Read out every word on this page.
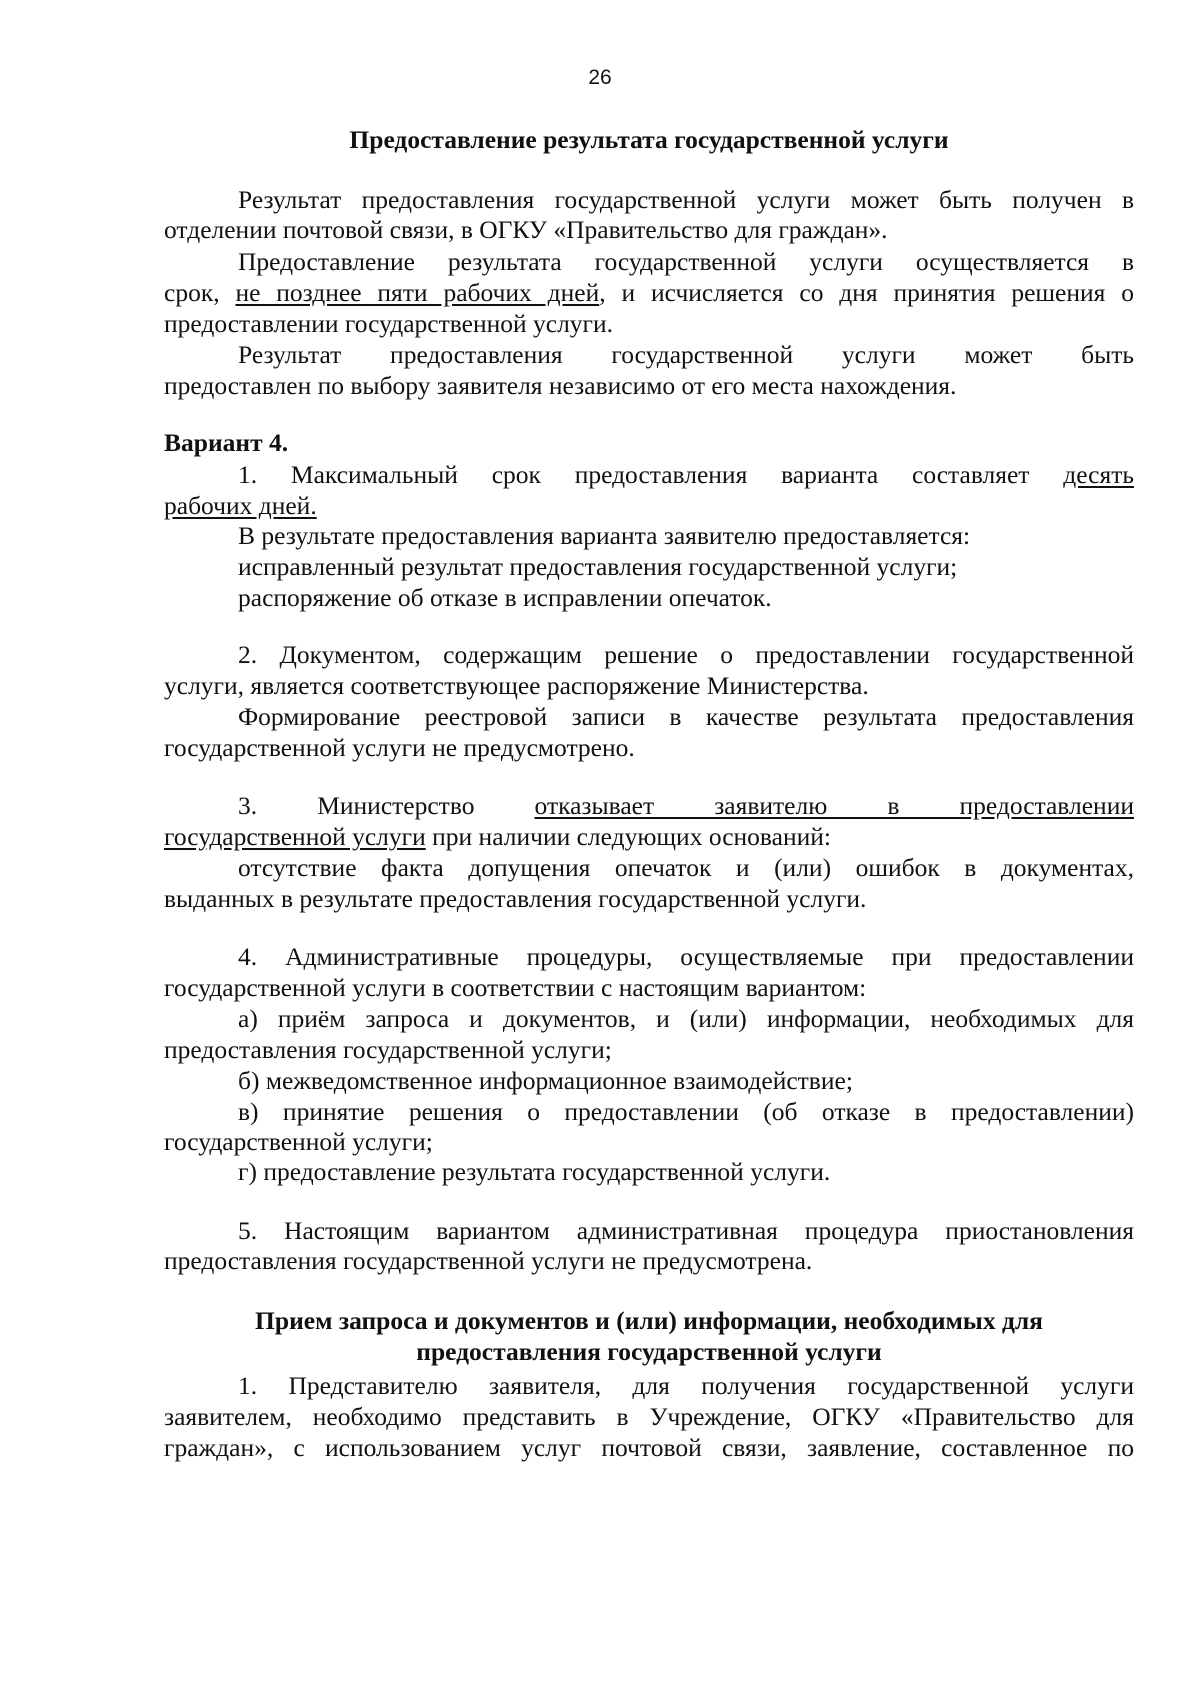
26
Предоставление результата государственной услуги
Результат предоставления государственной услуги может быть получен в
отделении почтовой связи, в ОГКУ «Правительство для граждан».
Предоставление результата государственной услуги осуществляется в
срок, не позднее пяти рабочих дней, и исчисляется со дня принятия решения о
предоставлении государственной услуги.
Результат предоставления государственной услуги может быть
предоставлен по выбору заявителя независимо от его места нахождения.
Вариант 4.
1. Максимальный срок предоставления варианта составляет десять
рабочих дней.
В результате предоставления варианта заявителю предоставляется:
исправленный результат предоставления государственной услуги;
распоряжение об отказе в исправлении опечаток.
2. Документом, содержащим решение о предоставлении государственной
услуги, является соответствующее распоряжение Министерства.
Формирование реестровой записи в качестве результата предоставления
государственной услуги не предусмотрено.
3. Министерство отказывает заявителю в предоставлении
государственной услуги при наличии следующих оснований:
отсутствие факта допущения опечаток и (или) ошибок в документах,
выданных в результате предоставления государственной услуги.
4. Административные процедуры, осуществляемые при предоставлении
государственной услуги в соответствии с настоящим вариантом:
а) приём запроса и документов, и (или) информации, необходимых для
предоставления государственной услуги;
б) межведомственное информационное взаимодействие;
в) принятие решения о предоставлении (об отказе в предоставлении)
государственной услуги;
г) предоставление результата государственной услуги.
5. Настоящим вариантом административная процедура приостановления
предоставления государственной услуги не предусмотрена.
Прием запроса и документов и (или) информации, необходимых для
предоставления государственной услуги
1. Представителю заявителя, для получения государственной услуги
заявителем, необходимо представить в Учреждение, ОГКУ «Правительство для
граждан», с использованием услуг почтовой связи, заявление, составленное по
